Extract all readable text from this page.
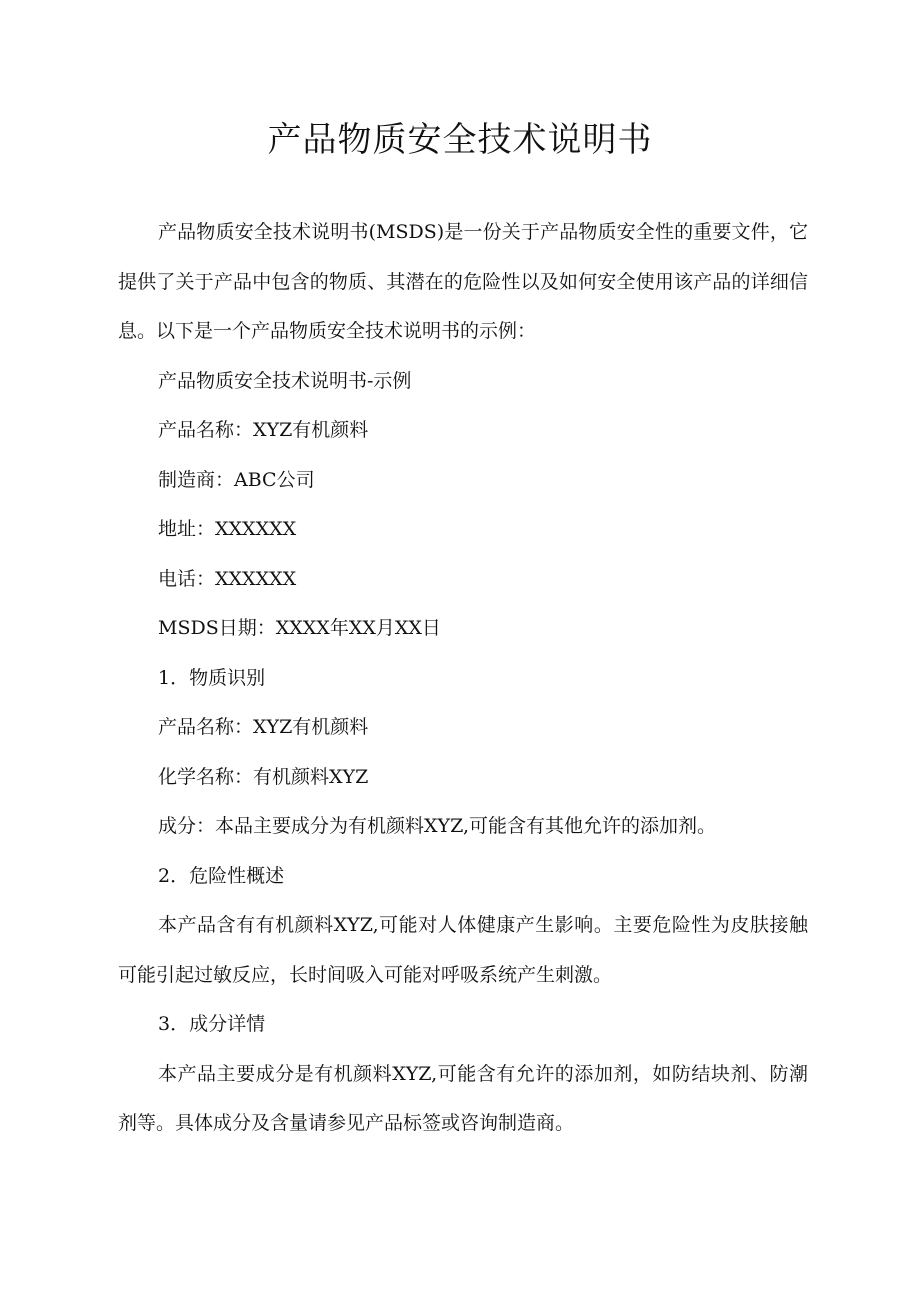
产品物质安全技术说明书

产品物质安全技术说明书(MSDS)是一份关于产品物质安全性的重要文件，它提供了关于产品中包含的物质、其潜在的危险性以及如何安全使用该产品的详细信息。以下是一个产品物质安全技术说明书的示例：

产品物质安全技术说明书-示例

产品名称：XYZ有机颜料

制造商：ABC公司

地址：XXXXXX

电话：XXXXXX

MSDS日期：XXXX年XX月XX日

1．物质识别

产品名称：XYZ有机颜料

化学名称：有机颜料XYZ

成分：本品主要成分为有机颜料XYZ,可能含有其他允许的添加剂。

2．危险性概述

本产品含有有机颜料XYZ,可能对人体健康产生影响。主要危险性为皮肤接触可能引起过敏反应，长时间吸入可能对呼吸系统产生刺激。

3．成分详情

本产品主要成分是有机颜料XYZ,可能含有允许的添加剂，如防结块剂、防潮剂等。具体成分及含量请参见产品标签或咨询制造商。
